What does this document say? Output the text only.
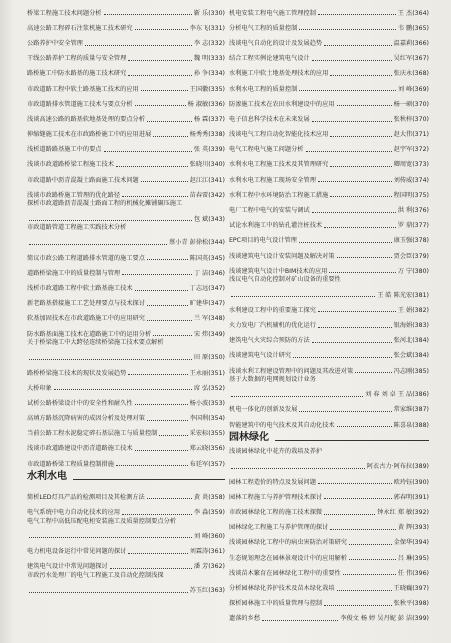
桥梁工程施工技术问题分析	靳 乐(330)
高速公路工程碎石注浆机施工技术研究	李东飞(331)
公路养护中安全管理	李 志(332)
干线公路养护工程的质量与安全管理	魏 明(333)
路桥施工中防水路基的施工技术研究	孙 争(334)
市政道路工程中软土路基施工技术的应用	王国徽(335)
市政道路排水管道施工技术与要点分析	杨 淑敏(336)
浅谈高速公路的路基软地基处理的要点分析	杨 霖(337)
伸缩缝施工技术在市政路桥施工中的应用进展	杨秀秀(338)
浅析道路路基施工中的要点	张 英(339)
浅谈市政道路桥梁工程施工技术	张晓川(340)
市政道路中沥青混凝土路面施工技术问题	赵江江(341)
浅谈市政路桥施工管理的优化路径	苗春雷(342)
探析市政道路沥青混凝土路面工程的机械化摊铺碾压施工
包 斌(343)
市政道路管道工程施工实践技术分析
蔡小青 彭徐松(344)
简议市政公路工程道路排水管道的施工要点	陈国英(345)
道路桥梁施工中的质量控制与管理	丁 洁(346)
浅析市政道路工程中软土路基施工技术	丁志远(347)
新老路基搭接施工工艺处理要点与技术探讨	旷建华(347)
软基加固技术在市政道路施工中的应用研究	兰 军(348)
防水路基面施工技术在道路施工中的运用分析	宋 炜(349)
关于桥梁施工中大跨径连续桥梁施工技术要点解析
田 原(350)
路桥桥梁施工技术的现状及发展趋势	王永丽(351)
大桥印象	席 弘(352)
试析公路桥梁设计中的安全性和耐久性	杨小波(353)
高填方路基沉降病害的成因分析及处理对策	李国利(354)
当前公路工程水泥稳定碎石基层施工与质量控制	采宏标(355)
浅谈市政道路建设中沥青道路施工技术	郑云晓(356)
市政道路桥梁工程质量控制措施	布廷军(357)
水利水电
简析LED灯具产品的检测项目及其检测方法	黄 炎(358)
电气系统中电力自动化技术的应用	李 淼(359)
电气工程中高低压配电柜安装施工及质量控制要点分析
刘 峰(360)
电力机电设备运行中常见问题的探讨	刘霖涛(361)
建筑电气设计中常见问题探讨	潘 芳(362)
市政污水处理厂的电气工程施工及自动化控制浅探
苏玉红(363)
机电安装工程电气施工管理控制	王 杰(364)
分析电气工程的质量控制	韦 鹏(365)
浅谈电气自动化的设计及发展趋势	温嘉莉(366)
结合工程实例论建筑电气设计	吴红军(367)
水利施工中软土地基处理技术的应用	张庆永(368)
水利水电工程的质量控制	刘 峰(369)
防渗施工技术在农田水利建设中的应用	杨一硕(370)
电子信息科学技术在未来发展	张秋梓(370)
浅谈电气工程自动化智能化技术应用	赵大伟(371)
电气工程电气施工问题分析	赵宇军(372)
水利水电工程施工技术及其管理研究	卿周宽(373)
水利水电工程施工现场安全管理	刘传威(374)
水利工程中水环境防治工程施工措施	程国明(375)
电厂工程中电气的安装与调试	洪 利(376)
试论水利施工中的钻孔灌注桩技术	罗 鼎(377)
EPC项目的电气设计管理	康玉强(378)
浅谈建筑电气设计安装问题及解决对策	贾会臣(379)
浅谈建筑电气设计中BIM技术的应用	万 宁(380)
浅议电气自动化控制对矿山设备的重要性
王 皓 陈光宏(381)
水利建设工程中的重要施工探究	王 娟(382)
火力发电厂汽机辅机的优化运行	银海娟(383)
建筑电气火灾综合预防的方法	张河北(384)
浅谈建筑电气设计研究	张会斌(384)
浅谈水利工程建设管理中的问题及其改进对策	冯志刚(385)
基于大数据的电网规划设计业务
刘 春 刘 卓 王 品(386)
机电一体化的创新及发展	常家维(387)
智能建筑中的电气技术及其自动化技术	陈喜泉(388)
园林绿化
浅谈园林绿化中花卉的栽培及养护
阿衣古力·阿布拉(389)
园林工程造价的特点及发展问题	欧玲钰(390)
园林工程施工与养护管理技术探讨	郭春明(391)
市政园林绿化工程的施工技术探微	钟永红 郑 敏(392)
园林绿化工程施工与养护管理的探讨	黄 辉(393)
浅谈园林绿化工程中的病虫害防治对策研究	金保华(394)
生态规划理念在园林景观设计中的应用解析	吕 琳(395)
浅谈苗木繁育在园林绿化工程中的重要性	任 伟(396)
分析园林绿化养护技术及苗木绿化栽培	王晓巍(397)
探析园林施工中的质量管理与控制	张秋平(398)
遗落的乡愁	李俊文 杨 婷 吴丹妮 彭 洁(399)
